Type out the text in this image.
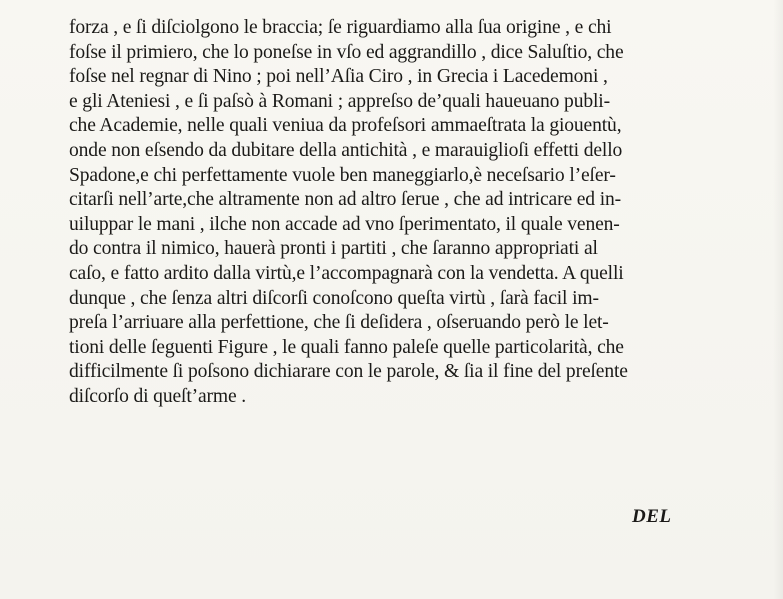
forza , e ſi diſciolgono le braccia; ſe riguardiamo alla ſua origine , e chi
foſse il primiero, che lo poneſse in vſo ed aggrandillo , dice Saluſtio, che
foſse nel regnar di Nino ; poi nell’Aſia Ciro , in Grecia i Lacedemoni ,
e gli Ateniesi , e ſi paſsò à Romani ; appreſso de’quali haueuano publi-
che Academie, nelle quali veniua da profeſsori ammaeſtrata la giouentù,
onde non eſsendo da dubitare della antichità , e marauiglioſi effetti dello
Spadone,e chi perfettamente vuole ben maneggiarlo,è neceſsario l’eſer-
citarſi nell’arte,che altramente non ad altro ſerue , che ad intricare ed in-
uiluppar le mani , ilche non accade ad vno ſperimentato, il quale venen-
do contra il nimico, hauerà pronti i partiti , che ſaranno appropriati al
caſo, e fatto ardito dalla virtù,e l’accompagnarà con la vendetta. A quelli
dunque , che ſenza altri diſcorſi conoſcono queſta virtù , ſarà facil im-
preſa l’arriuare alla perfettione, che ſi deſidera , oſseruando però le let-
tioni delle ſeguenti Figure , le quali fanno paleſe quelle particolarità, che
difficilmente ſi poſsono dichiarare con le parole, & ſia il fine del preſente
diſcorſo di queſt’arme .
DEL
